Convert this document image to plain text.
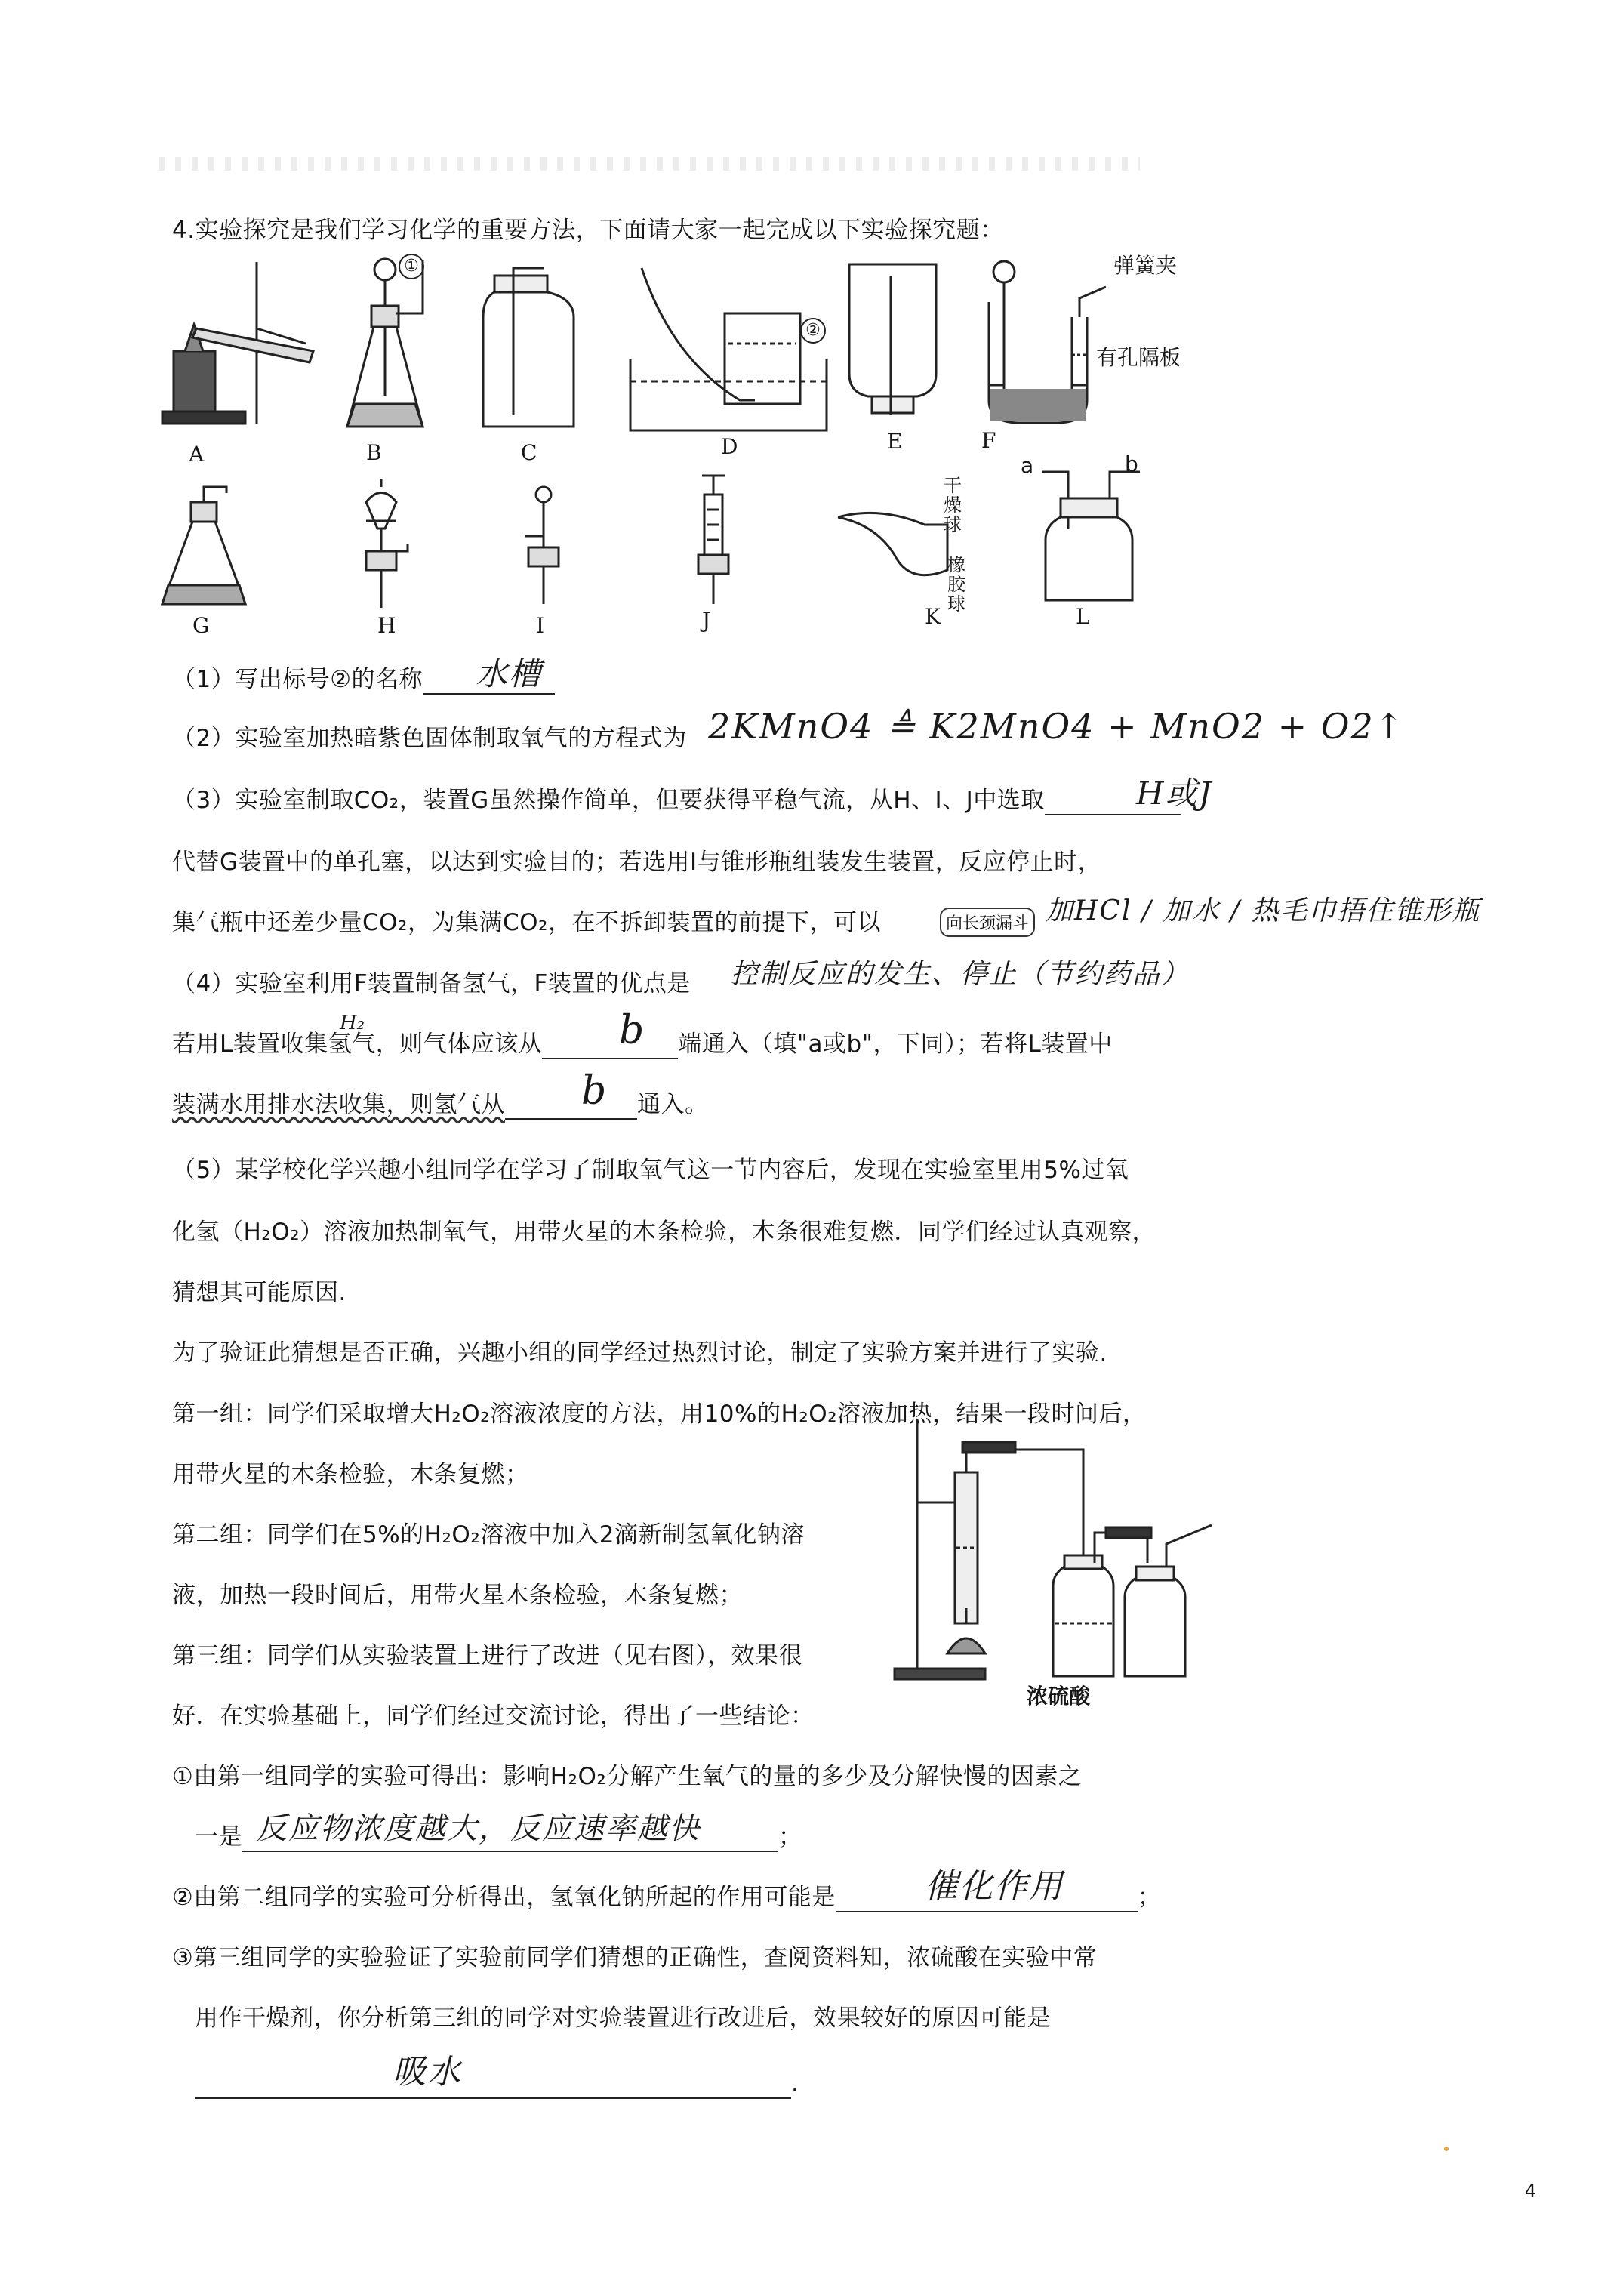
4.实验探究是我们学习化学的重要方法，下面请大家一起完成以下实验探究题：
A	B
①
C
②
D	E	F
弹簧夹
有孔隔板
G	H	I	J
干燥球
橡胶球
K
a	b
L
（1）写出标号②的名称	水槽
（2）实验室加热暗紫色固体制取氧气的方程式为 2KMnO4 ≜ K2MnO4 + MnO2 + O2↑
（3）实验室制取CO₂，装置G虽然操作简单，但要获得平稳气流，从H、I、J中选取	H或J
代替G装置中的单孔塞，以达到实验目的；若选用I与锥形瓶组装发生装置，反应停止时，
集气瓶中还差少量CO₂，为集满CO₂，在不拆卸装置的前提下，可以	向长颈漏斗 加HCl / 加水 / 热毛巾捂住锥形瓶
（4）实验室利用F装置制备氢气，F装置的优点是 控制反应的发生、停止（节约药品）
若用L装置收集氢气，则气体应该从	端通入（填"a或b"，下同）；若将L装置中
b
H₂
装满水用排水法收集，则氢气从	通入。
b
（5）某学校化学兴趣小组同学在学习了制取氧气这一节内容后，发现在实验室里用5%过氧
化氢（H₂O₂）溶液加热制氧气，用带火星的木条检验，木条很难复燃．同学们经过认真观察，
猜想其可能原因.
为了验证此猜想是否正确，兴趣小组的同学经过热烈讨论，制定了实验方案并进行了实验.
第一组：同学们采取增大H₂O₂溶液浓度的方法，用10%的H₂O₂溶液加热，结果一段时间后，
用带火星的木条检验，木条复燃；
第二组：同学们在5%的H₂O₂溶液中加入2滴新制氢氧化钠溶
液，加热一段时间后，用带火星木条检验，木条复燃；
第三组：同学们从实验装置上进行了改进（见右图），效果很
好．在实验基础上，同学们经过交流讨论，得出了一些结论：
浓硫酸
①由第一组同学的实验可得出：影响H₂O₂分解产生氧气的量的多少及分解快慢的因素之
一是	；
反应物浓度越大，反应速率越快
②由第二组同学的实验可分析得出，氢氧化钠所起的作用可能是	；
催化作用
③第三组同学的实验验证了实验前同学们猜想的正确性，查阅资料知，浓硫酸在实验中常
用作干燥剂，你分析第三组的同学对实验装置进行改进后，效果较好的原因可能是
.
吸水
4
